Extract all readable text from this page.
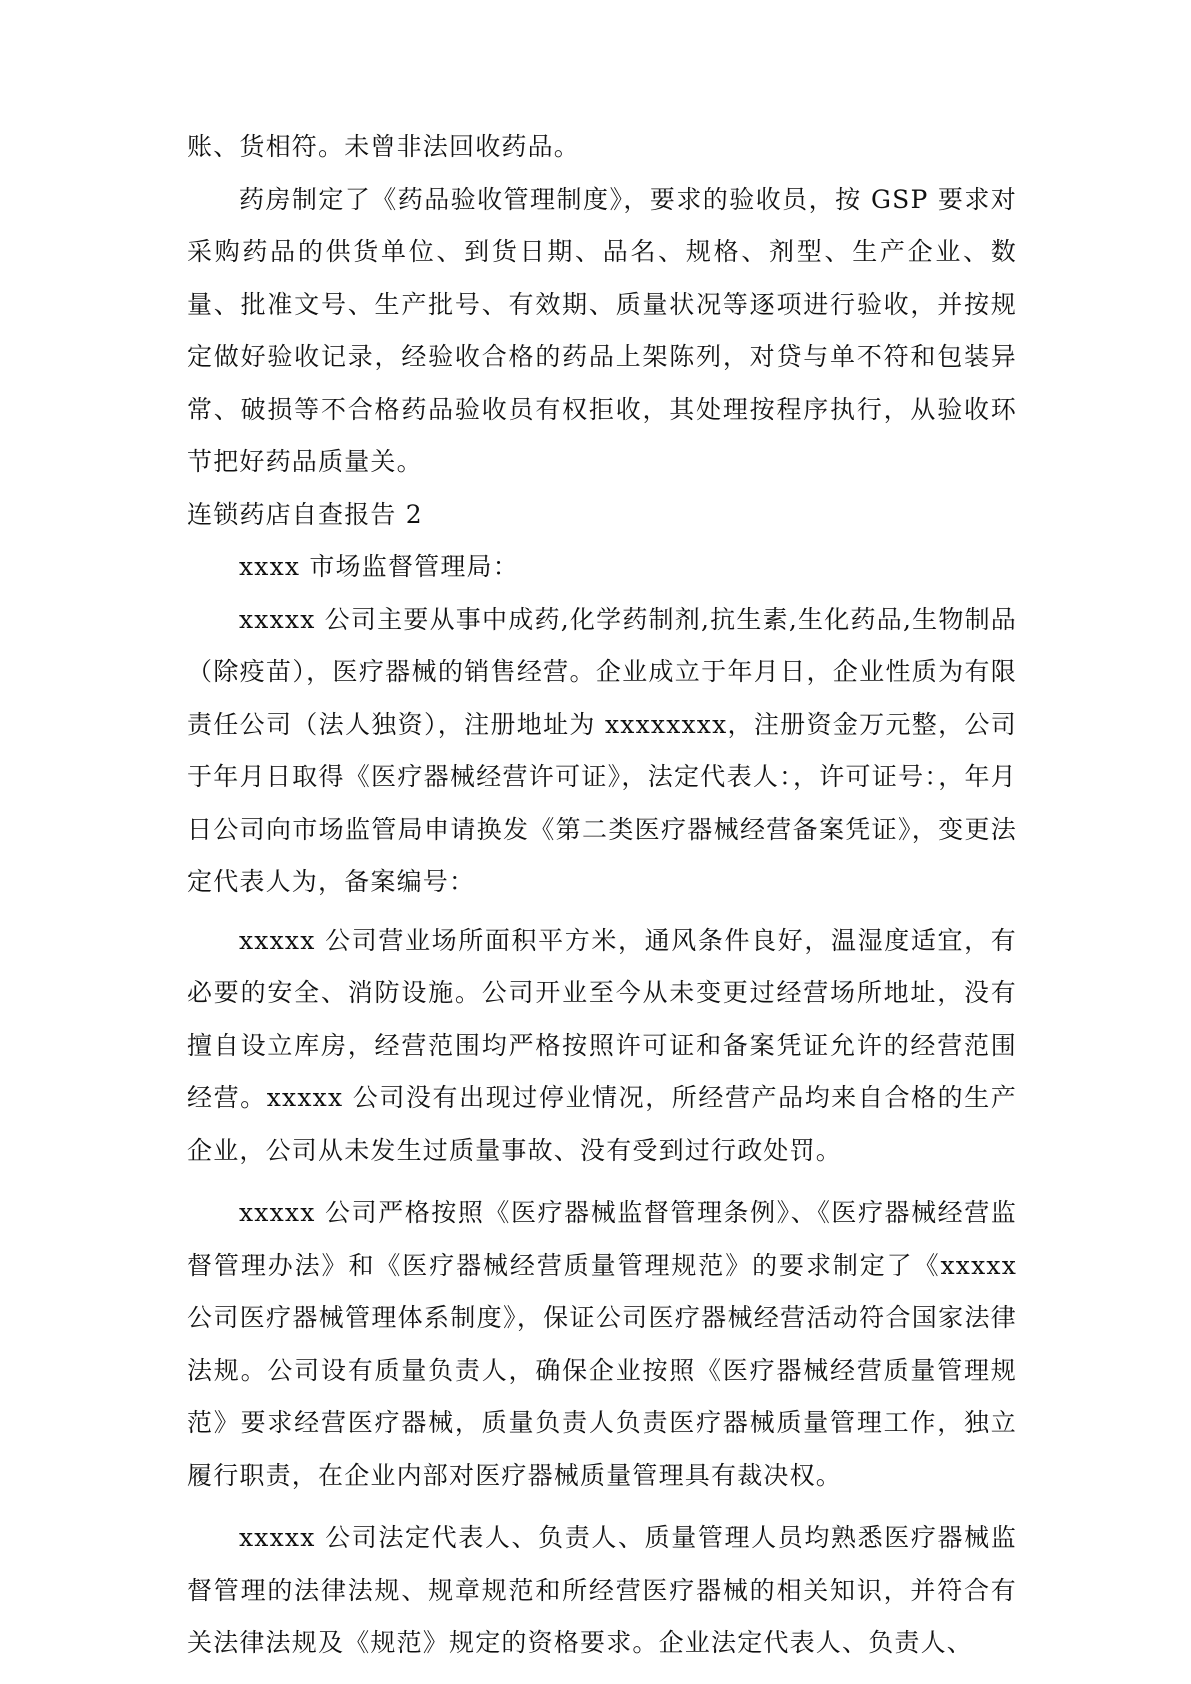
账、货相符。未曾非法回收药品。

药房制定了《药品验收管理制度》，要求的验收员，按 GSP 要求对采购药品的供货单位、到货日期、品名、规格、剂型、生产企业、数量、批准文号、生产批号、有效期、质量状况等逐项进行验收，并按规定做好验收记录，经验收合格的药品上架陈列，对贷与单不符和包装异常、破损等不合格药品验收员有权拒收，其处理按程序执行，从验收环节把好药品质量关。

连锁药店自查报告 2

xxxx 市场监督管理局：

xxxxx 公司主要从事中成药,化学药制剂,抗生素,生化药品,生物制品（除疫苗），医疗器械的销售经营。企业成立于年月日，企业性质为有限责任公司（法人独资），注册地址为 xxxxxxxx，注册资金万元整，公司于年月日取得《医疗器械经营许可证》，法定代表人：，许可证号：，年月日公司向市场监管局申请换发《第二类医疗器械经营备案凭证》，变更法定代表人为，备案编号：

xxxxx 公司营业场所面积平方米，通风条件良好，温湿度适宜，有必要的安全、消防设施。公司开业至今从未变更过经营场所地址，没有擅自设立库房，经营范围均严格按照许可证和备案凭证允许的经营范围经营。xxxxx 公司没有出现过停业情况，所经营产品均来自合格的生产企业，公司从未发生过质量事故、没有受到过行政处罚。

xxxxx 公司严格按照《医疗器械监督管理条例》、《医疗器械经营监督管理办法》和《医疗器械经营质量管理规范》的要求制定了《xxxxx 公司医疗器械管理体系制度》，保证公司医疗器械经营活动符合国家法律法规。公司设有质量负责人，确保企业按照《医疗器械经营质量管理规范》要求经营医疗器械，质量负责人负责医疗器械质量管理工作，独立履行职责，在企业内部对医疗器械质量管理具有裁决权。

xxxxx 公司法定代表人、负责人、质量管理人员均熟悉医疗器械监督管理的法律法规、规章规范和所经营医疗器械的相关知识，并符合有关法律法规及《规范》规定的资格要求。企业法定代表人、负责人、
